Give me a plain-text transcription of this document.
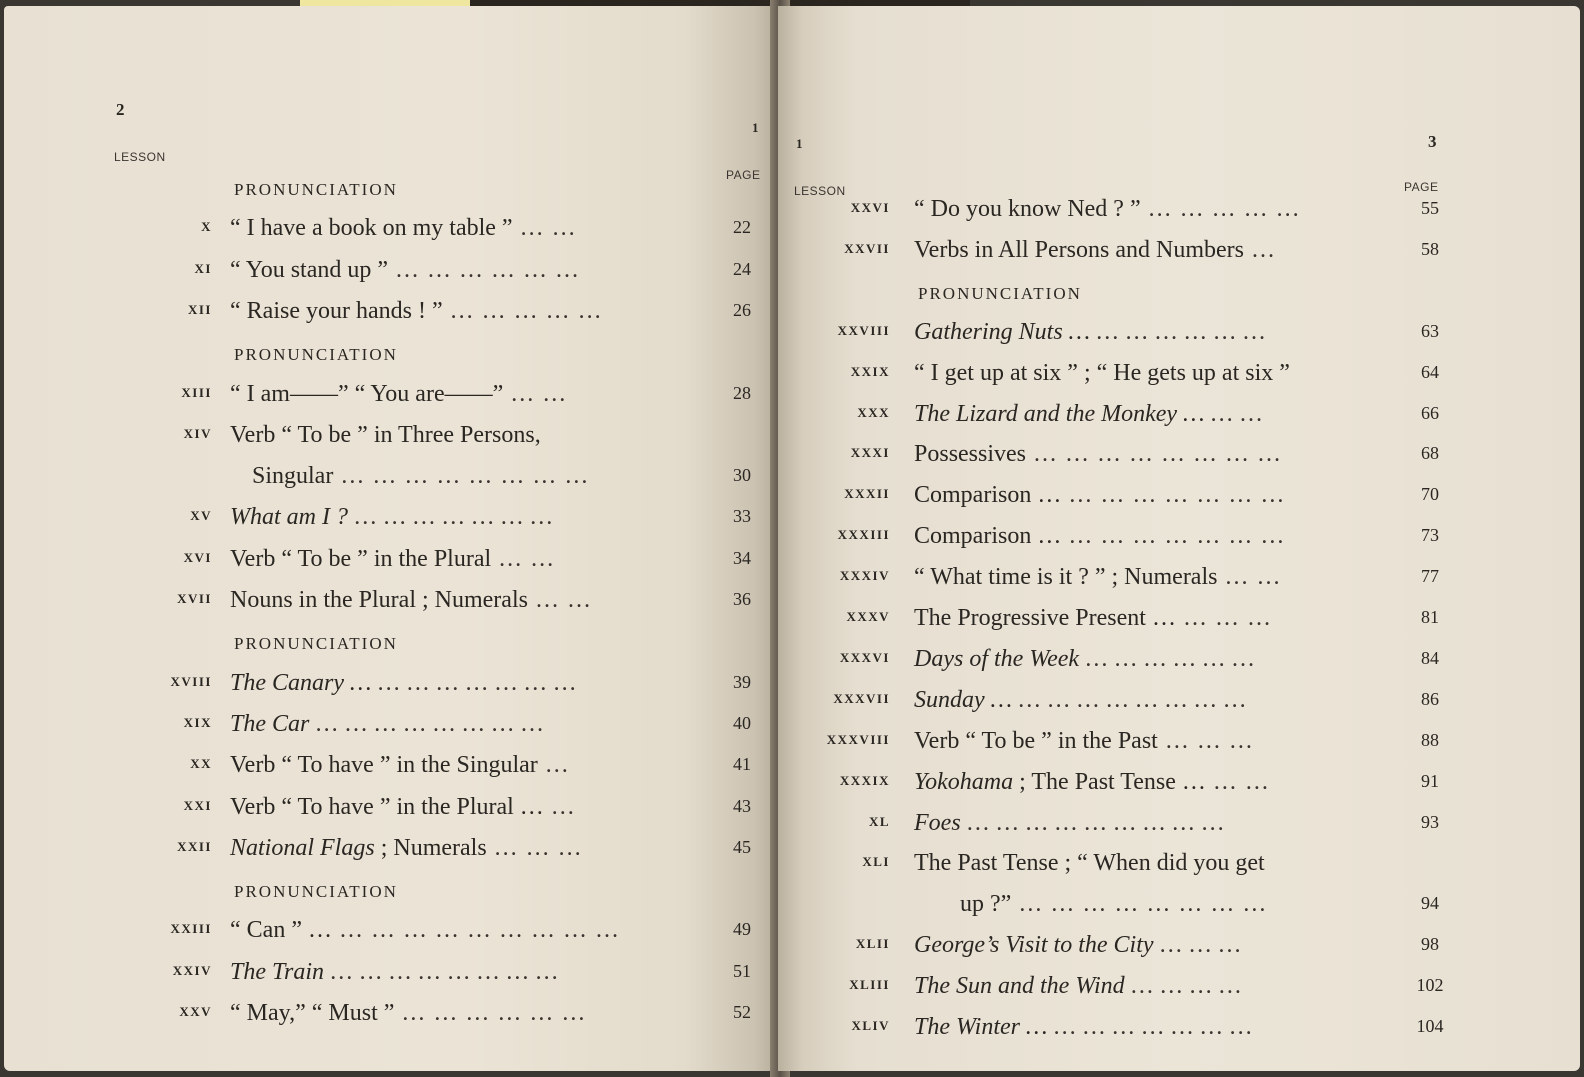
2
1
LESSON
PAGE
PRONUNCIATION
x “ I have a book on my table ” … …	22
xi “ You stand up ” … … … … … …	24
xii “ Raise your hands ! ” … … … … …	26
PRONUNCIATION
xiii “ I am——” “ You are——” … …	28
xiv Verb “ To be ” in Three Persons,
Singular … … … … … … … …	30
xv What am I ? … … … … … … …	33
xvi Verb “ To be ” in the Plural … …	34
xvii Nouns in the Plural ; Numerals … …	36
PRONUNCIATION
xviii The Canary … … … … … … … …	39
xix The Car … … … … … … … …	40
xx Verb “ To have ” in the Singular …	41
xxi Verb “ To have ” in the Plural … …	43
xxii National Flags ; Numerals … … …	45
PRONUNCIATION
xxiii “ Can ” … … … … … … … … … …	49
xxiv The Train … … … … … … … …	51
xxv “ May,” “ Must ” … … … … … …	52
3
1
LESSON	PAGE
xxvi “ Do you know Ned ? ” … … … … …	55
xxvii Verbs in All Persons and Numbers …	58
PRONUNCIATION
xxviii Gathering Nuts … … … … … … …	63
xxix “ I get up at six ” ; “ He gets up at six ”	64
xxx The Lizard and the Monkey … … …	66
xxxi Possessives … … … … … … … …	68
xxxii Comparison … … … … … … … …	70
xxxiii Comparison … … … … … … … …	73
xxxiv “ What time is it ? ” ; Numerals … …	77
xxxv The Progressive Present … … … …	81
xxxvi Days of the Week … … … … … …	84
xxxvii Sunday … … … … … … … … …	86
xxxviii Verb “ To be ” in the Past … … …	88
xxxix Yokohama ; The Past Tense … … …	91
xl Foes … … … … … … … … …	93
xli The Past Tense ; “ When did you get
up ?” … … … … … … … …	94
xlii George’s Visit to the City … … …	98
xliii The Sun and the Wind … … … …	102
xliv The Winter … … … … … … … …	104
